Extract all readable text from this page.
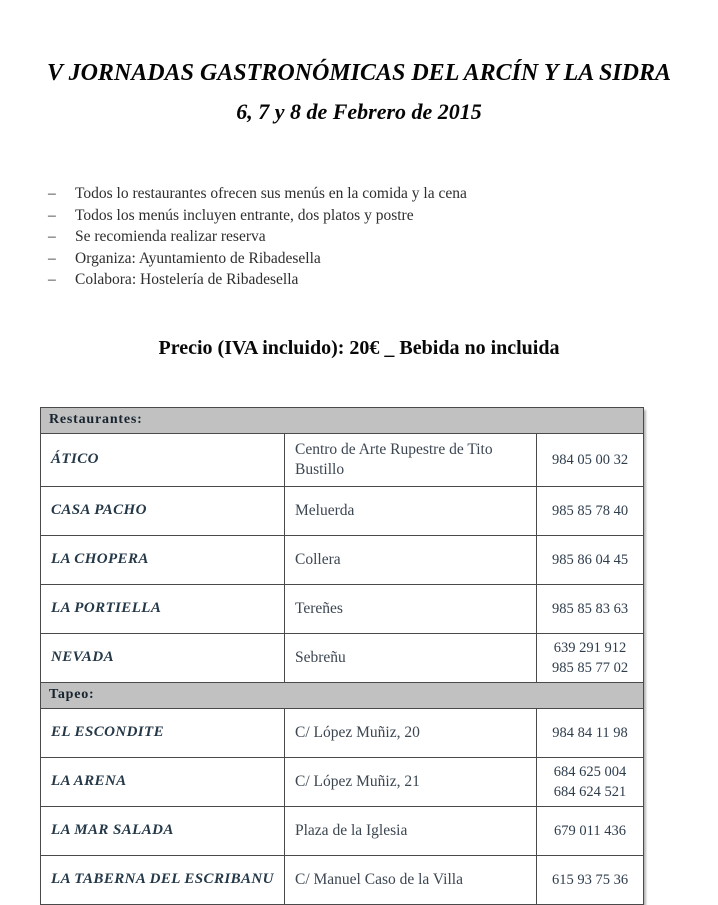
V JORNADAS GASTRONÓMICAS DEL ARCÍN Y LA SIDRA
6, 7 y 8 de Febrero de 2015
–	Todos lo restaurantes ofrecen sus menús en la comida y la cena
–	Todos los menús incluyen entrante, dos platos y postre
–	Se recomienda realizar reserva
–	Organiza: Ayuntamiento de Ribadesella
–	Colabora: Hostelería de Ribadesella
Precio (IVA incluido): 20€ _ Bebida no incluida
Restaurantes:		
ÁTICO	Centro de Arte Rupestre de Tito Bustillo	984 05 00 32

CASA PACHO	Meluerda	985 85 78 40

LA CHOPERA	Collera	985 86 04 45

LA PORTIELLA	Tereñes	985 85 83 63

NEVADA	Sebreñu	639 291 912
985 85 77 02

Tapeo:		
EL ESCONDITE	C/ López Muñiz, 20	984 84 11 98

LA ARENA	C/ López Muñiz, 21	684 625 004
684 624 521

LA MAR SALADA	Plaza de la Iglesia	679 011 436

LA TABERNA DEL ESCRIBANU	C/ Manuel Caso de la Villa	615 93 75 36
